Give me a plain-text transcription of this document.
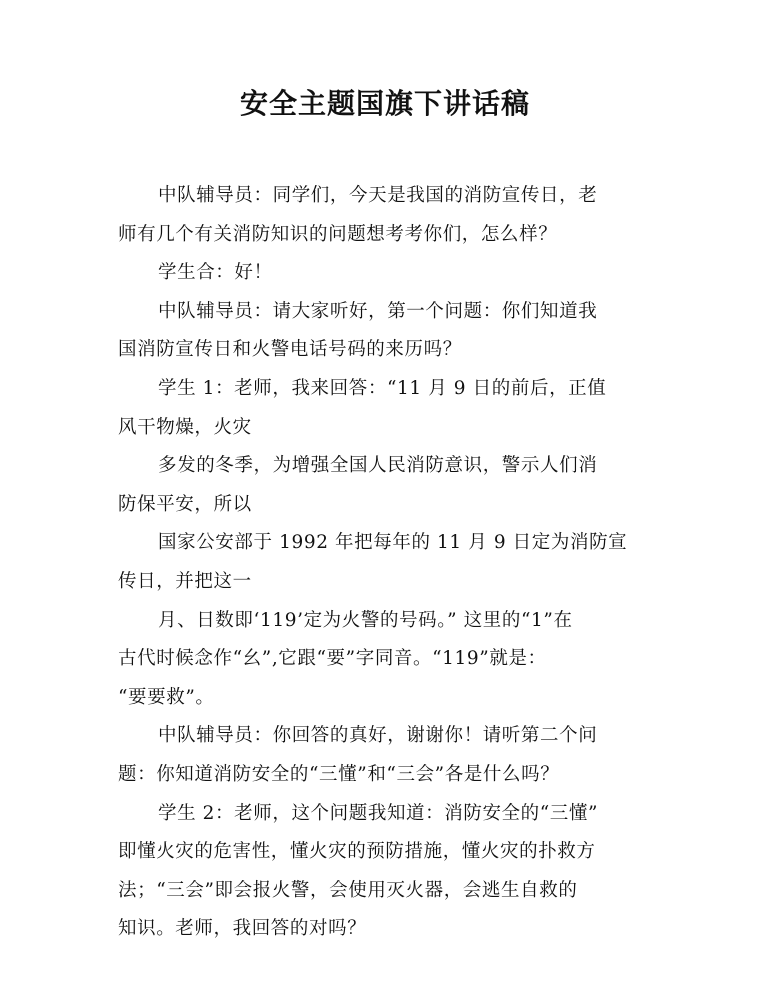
安全主题国旗下讲话稿
中队辅导员：同学们，今天是我国的消防宣传日，老
师有几个有关消防知识的问题想考考你们，怎么样？
学生合：好！
中队辅导员：请大家听好，第一个问题：你们知道我
国消防宣传日和火警电话号码的来历吗？
学生 1：老师，我来回答：“11 月 9 日的前后，正值
风干物燥，火灾
多发的冬季，为增强全国人民消防意识，警示人们消
防保平安，所以
国家公安部于 1992 年把每年的 11 月 9 日定为消防宣
传日，并把这一
月、日数即‘119’定为火警的号码。” 这里的“1”在
古代时候念作“幺”,它跟“要”字同音。“119”就是：
“要要救”。
中队辅导员：你回答的真好，谢谢你！请听第二个问
题：你知道消防安全的“三懂”和“三会”各是什么吗？
学生 2：老师，这个问题我知道：消防安全的“三懂”
即懂火灾的危害性，懂火灾的预防措施，懂火灾的扑救方
法；“三会”即会报火警，会使用灭火器，会逃生自救的
知识。老师，我回答的对吗？
